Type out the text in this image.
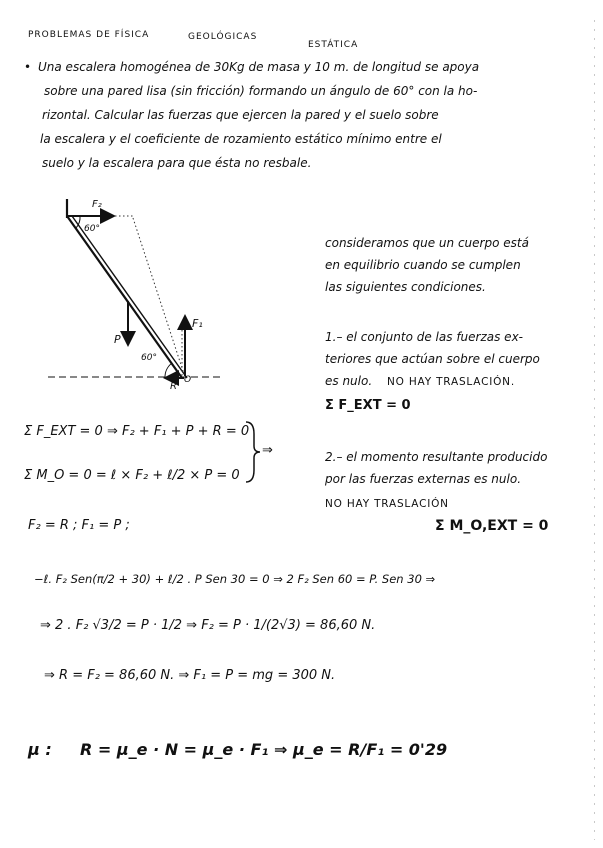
PROBLEMAS DE FÍSICA	GEOLÓGICAS
ESTÁTICA
• Una escalera homogénea de 30Kg de masa y 10 m. de longitud se apoya
sobre una pared lisa (sin fricción) formando un ángulo de 60° con la ho-
rizontal. Calcular las fuerzas que ejercen la pared y el suelo sobre
la escalera y el coeficiente de rozamiento estático mínimo entre el
suelo y la escalera para que ésta no resbale.
F₂
60°
P
F₁
60°
R
O
consideramos que un cuerpo está
en equilibrio cuando se cumplen
las siguientes condiciones.
1.– el conjunto de las fuerzas ex-
teriores que actúan sobre el cuerpo
es nulo. NO HAY TRASLACIÓN.
Σ F_EXT = 0
2.– el momento resultante producido
por las fuerzas externas es nulo.
NO HAY TRASLACIÓN
Σ M_O,EXT = 0
Σ F_EXT = 0 ⇒ F₂ + F₁ + P + R = 0
Σ M_O = 0 = ℓ × F₂ + ℓ/2 × P = 0
⇒
F₂ = R ; F₁ = P ;
−ℓ. F₂ Sen(π/2 + 30) + ℓ/2 . P Sen 30 = 0 ⇒ 2 F₂ Sen 60 = P. Sen 30 ⇒
⇒ 2 . F₂ √3/2 = P · 1/2 ⇒ F₂ = P · 1/(2√3) = 86,60 N.
⇒ R = F₂ = 86,60 N. ⇒ F₁ = P = mg = 300 N.
μ : R = μ_e · N = μ_e · F₁ ⇒ μ_e = R/F₁ = 0'29
